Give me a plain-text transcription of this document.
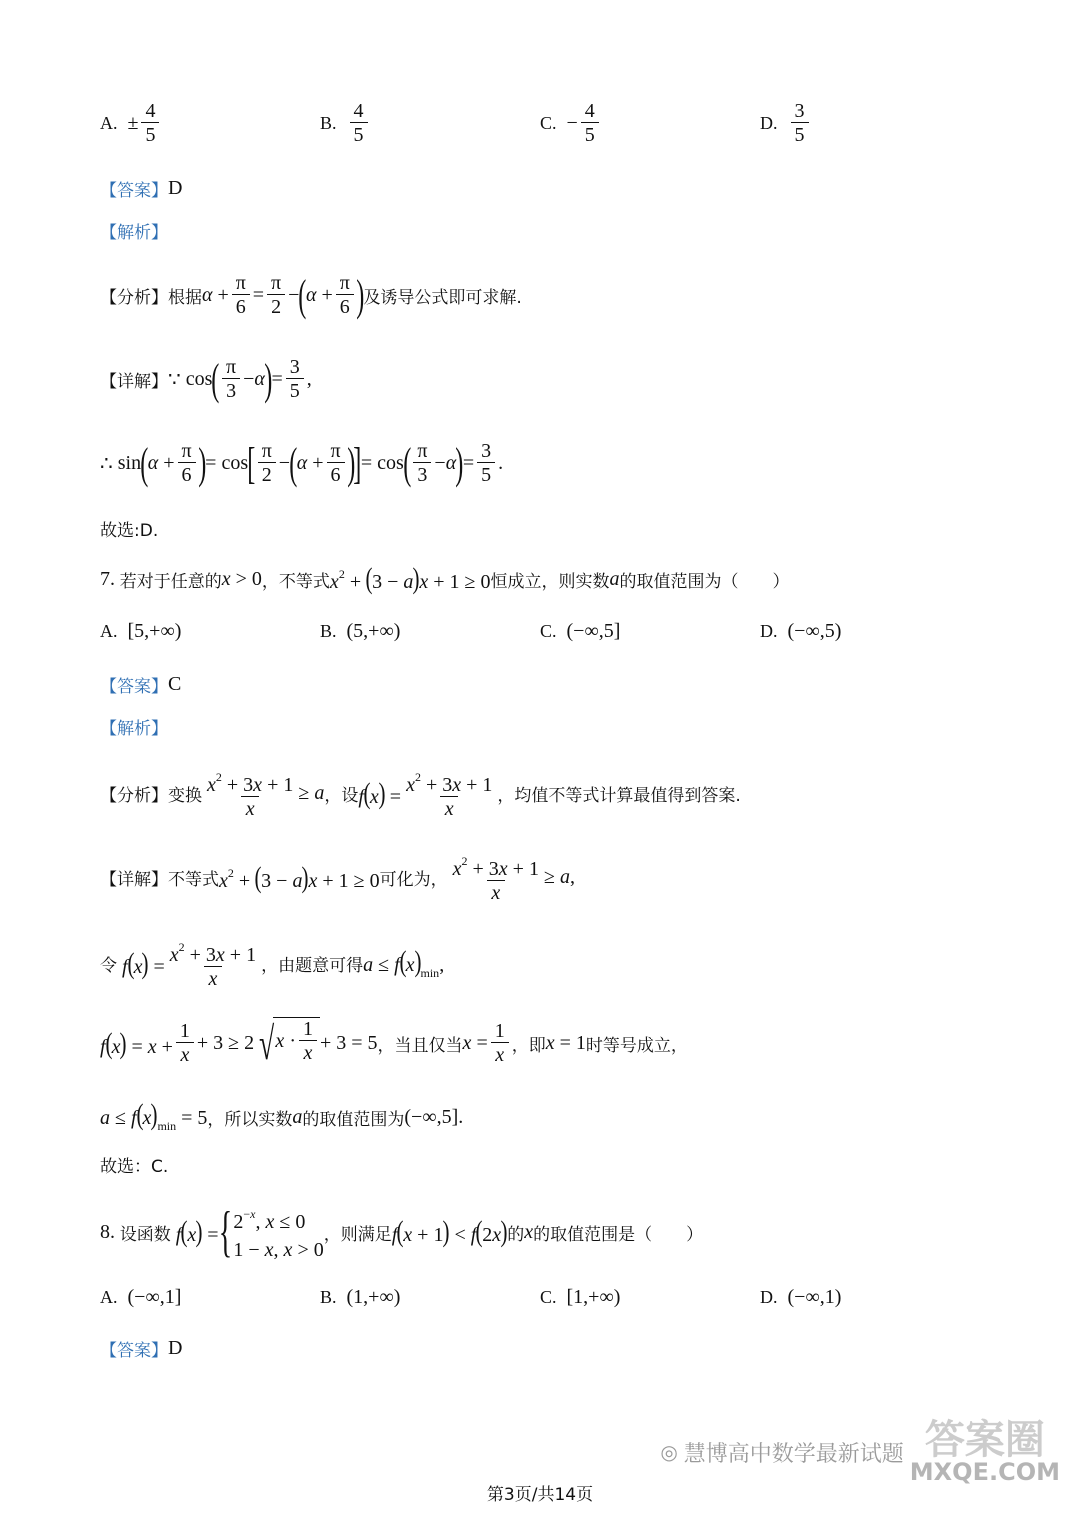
A. ± $\frac{4}{5}$	B. $\frac{4}{5}$	C. − $\frac{4}{5}$	D. $\frac{3}{5}$
【答案】 D
【解析】
【分析】 根据 $\alpha + \frac{\pi}{6} = \frac{\pi}{2}$ − ( $\alpha + \frac{\pi}{6}$ ) 及诱导公式即可求解.
【详解】 ∵ cos ( $\frac{\pi}{3} -\alpha$ ) = $\frac{3}{5}$ ,
∴ sin ( $\alpha + \frac{\pi}{6}$ ) = cos [ $\frac{\pi}{2}$ − ( $\alpha + \frac{\pi}{6}$ )
] = cos ( $\frac{\pi}{3} -\alpha$ ) = $\frac{3}{5}$ .
故选:D.
7.
若对于任意的 x > 0 ，不等式 $x^2 + (3 - a)x + 1 \ge 0$ 恒成立，则实数 a 的取值范围为（　　）
A. [5,+∞)	B. (5,+∞)	C. (−∞,5]	D. (−∞,5)
【答案】 C
【解析】
【分析】 变换 $\frac{x^2 + 3x + 1}{x} \ge a$ ，设 $f(x) = \frac{x^2 + 3x + 1}{x}$ ，均值不等式计算最值得到答案.
【详解】 不等式 $x^2 + (3 - a)x + 1 \ge 0$ 可化为， $\frac{x^2 + 3x + 1}{x} \ge a$,
令 $f(x) = \frac{x^2 + 3x + 1}{x}$ ，由题意可得 $a \le f(x)_{min}$,
$f(x) = x + \frac{1}{x} + 3 \ge 2$ √ $x \cdot \frac{1}{x} + 3 = 5$ ，当且仅当 $x = \frac{1}{x}$ ，即 x = 1 时等号成立，
$a \le f(x)_{min} = 5$ ，所以实数 a 的取值范围为 (−∞,5] .
故选：C.
8.
设函数 f(x) = { $2^{-x}$, x ≤ 0
1 − x, x > 0
，则满足 f(x + 1) < f(2x) 的 x 的取值范围是（　　）
A. (−∞,1]	B. (1,+∞)	C. [1,+∞)	D. (−∞,1)
【答案】 D
◎ 慧博高中数学最新试题 答案圈
MXQE.COM
第3页/共14页
